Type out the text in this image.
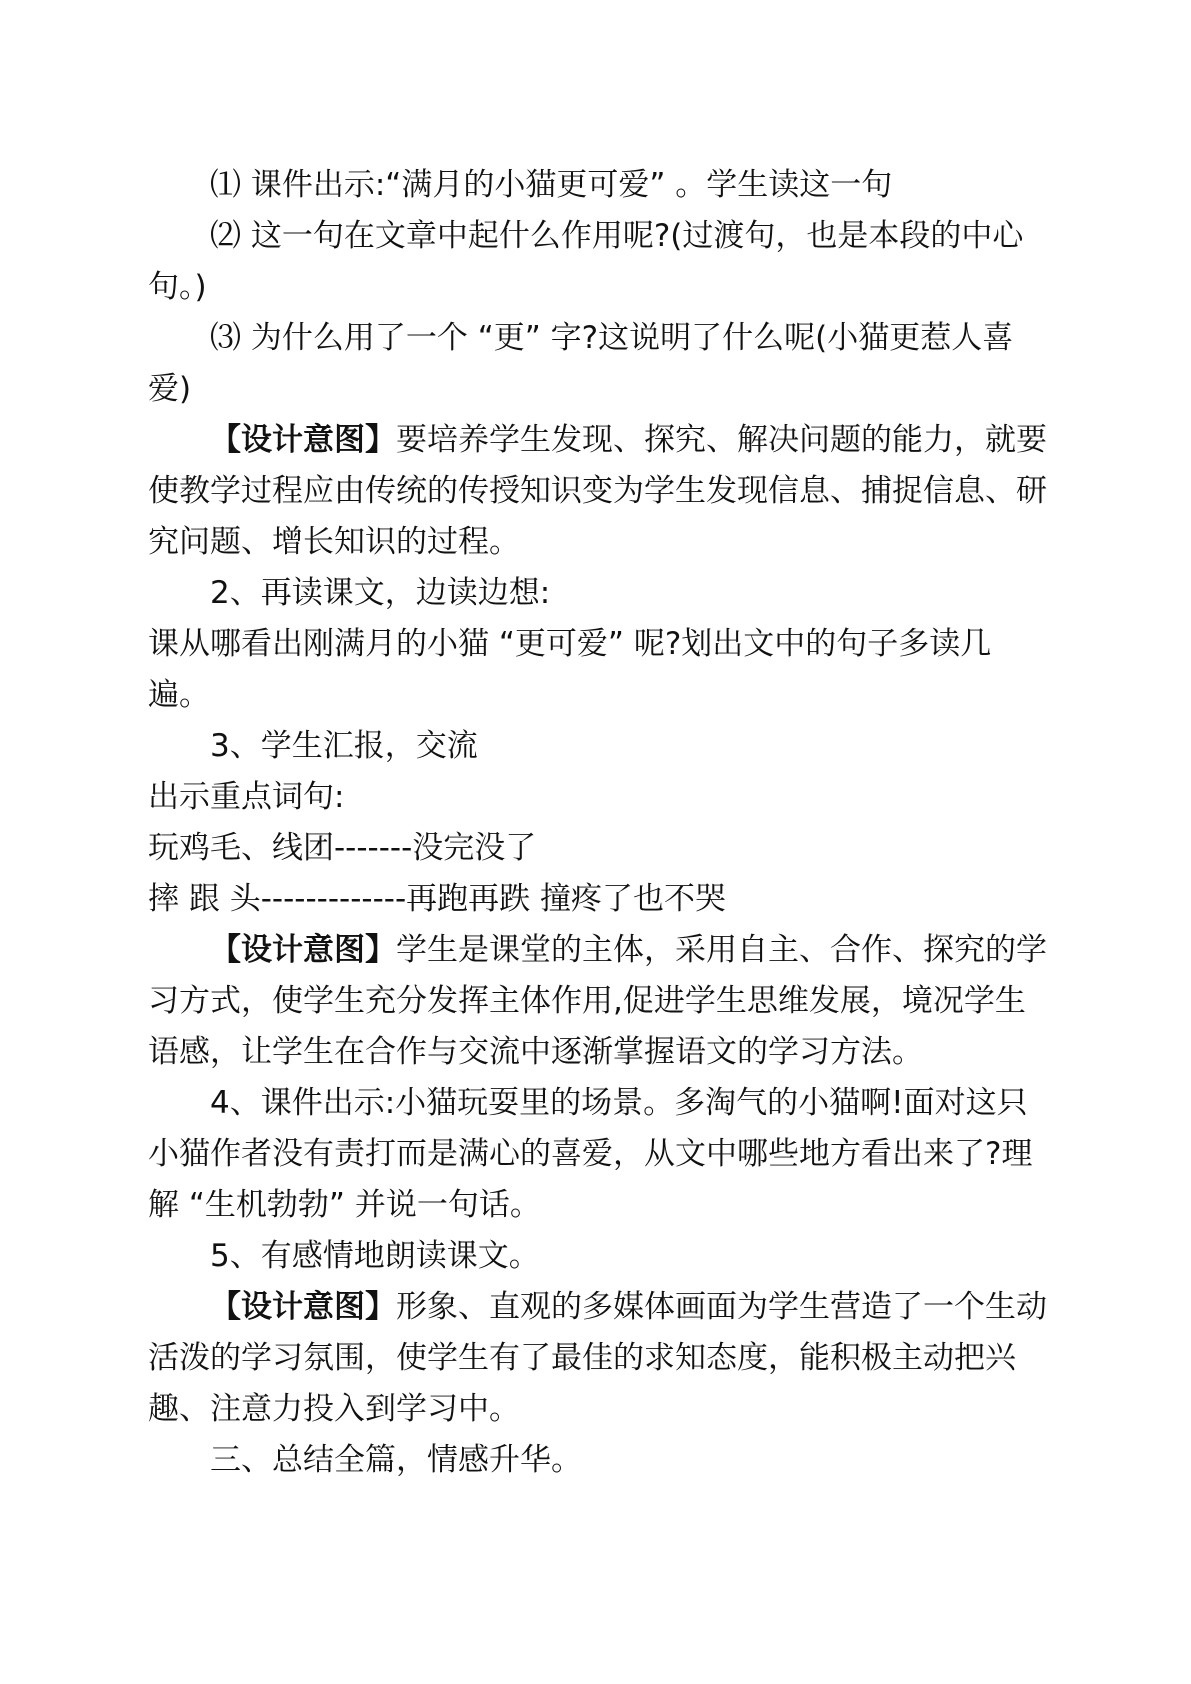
⑴ 课件出示:“满月的小猫更可爱” 。学生读这一句

⑵ 这一句在文章中起什么作用呢?(过渡句，也是本段的中心句。)

⑶ 为什么用了一个 “更” 字?这说明了什么呢(小猫更惹人喜爱)

【设计意图】要培养学生发现、探究、解决问题的能力，就要使教学过程应由传统的传授知识变为学生发现信息、捕捉信息、研究问题、增长知识的过程。

2、再读课文，边读边想:

课从哪看出刚满月的小猫 “更可爱” 呢?划出文中的句子多读几遍。

3、学生汇报，交流

出示重点词句:

玩鸡毛、线团-------没完没了

摔 跟 头-------------再跑再跌 撞疼了也不哭

【设计意图】学生是课堂的主体，采用自主、合作、探究的学习方式，使学生充分发挥主体作用,促进学生思维发展，境况学生语感，让学生在合作与交流中逐渐掌握语文的学习方法。

4、课件出示:小猫玩耍里的场景。多淘气的小猫啊!面对这只小猫作者没有责打而是满心的喜爱，从文中哪些地方看出来了?理解 “生机勃勃” 并说一句话。

5、有感情地朗读课文。

【设计意图】形象、直观的多媒体画面为学生营造了一个生动活泼的学习氛围，使学生有了最佳的求知态度，能积极主动把兴趣、注意力投入到学习中。

三、总结全篇，情感升华。
